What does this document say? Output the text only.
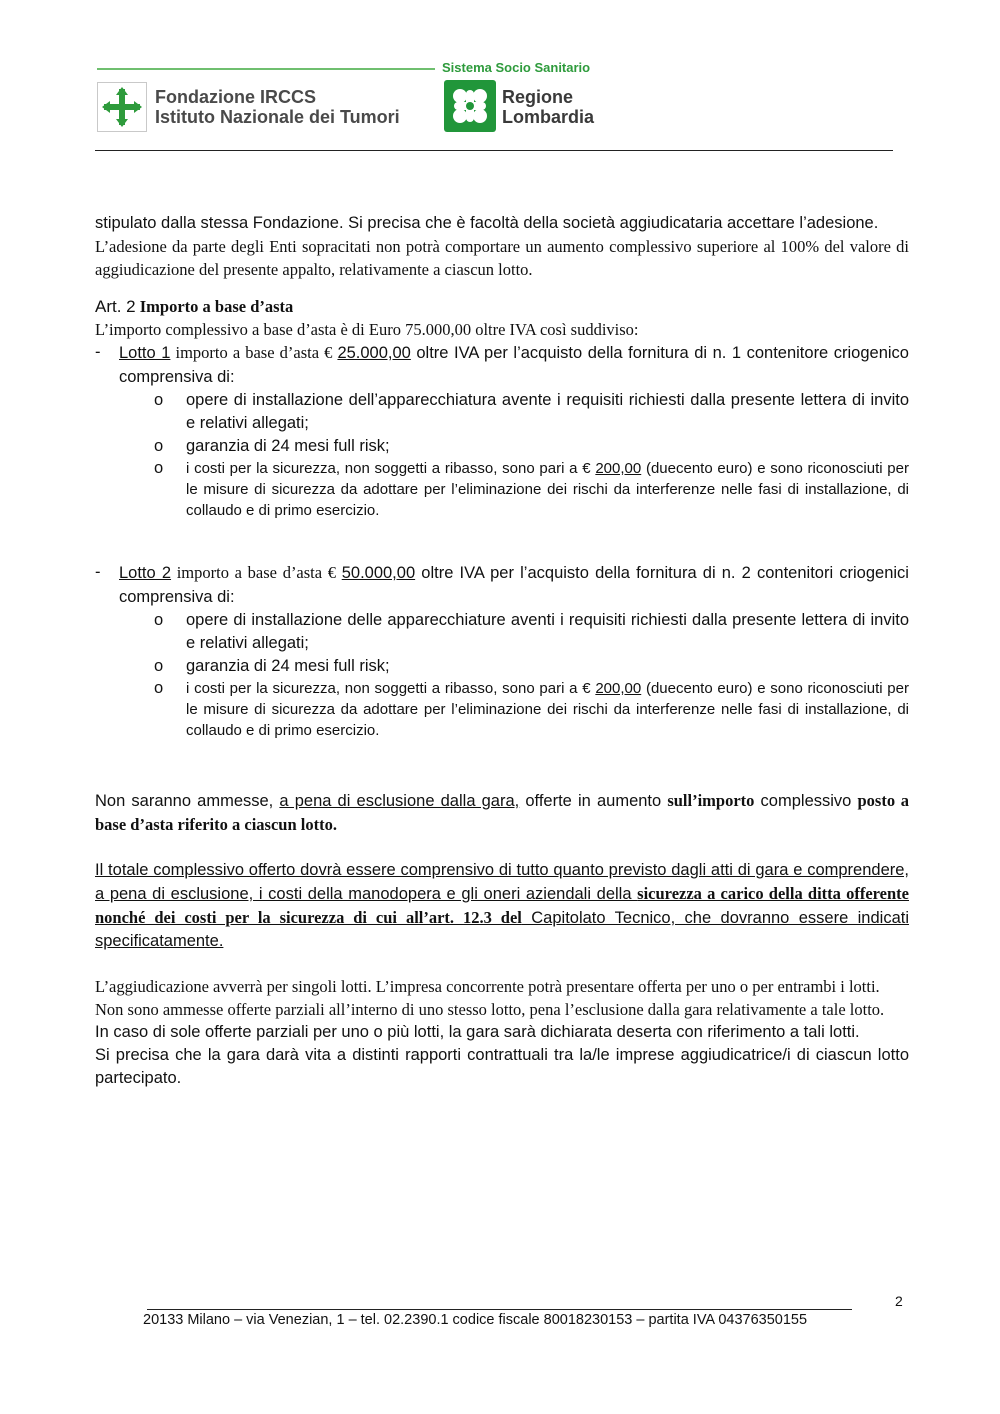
Sistema Socio Sanitario
Fondazione IRCCS
Istituto Nazionale dei Tumori
Regione
Lombardia

stipulato dalla stessa Fondazione. Si precisa che è facoltà della società aggiudicataria accettare l’adesione.

L’adesione da parte degli Enti sopracitati non potrà comportare un aumento complessivo superiore al 100% del valore di aggiudicazione del presente appalto, relativamente a ciascun lotto.

Art. 2 Importo a base d’asta

L’importo complessivo a base d’asta è di Euro 75.000,00 oltre IVA così suddiviso:

-	Lotto 1 importo a base d’asta € 25.000,00 oltre IVA per l’acquisto della fornitura di n. 1 contenitore criogenico comprensiva di:
o opere di installazione dell’apparecchiatura avente i requisiti richiesti dalla presente lettera di invito e relativi allegati;
o garanzia di 24 mesi full risk;
o i costi per la sicurezza, non soggetti a ribasso, sono pari a € 200,00 (duecento euro) e sono riconosciuti per le misure di sicurezza da adottare per l’eliminazione dei rischi da interferenze nelle fasi di installazione, di collaudo e di primo esercizio.
-	Lotto 2 importo a base d’asta € 50.000,00 oltre IVA per l’acquisto della fornitura di n. 2 contenitori criogenici comprensiva di:
o opere di installazione delle apparecchiature aventi i requisiti richiesti dalla presente lettera di invito e relativi allegati;
o garanzia di 24 mesi full risk;
o i costi per la sicurezza, non soggetti a ribasso, sono pari a € 200,00 (duecento euro) e sono riconosciuti per le misure di sicurezza da adottare per l’eliminazione dei rischi da interferenze nelle fasi di installazione, di collaudo e di primo esercizio.

Non saranno ammesse, a pena di esclusione dalla gara, offerte in aumento sull’importo complessivo posto a base d’asta riferito a ciascun lotto.

Il totale complessivo offerto dovrà essere comprensivo di tutto quanto previsto dagli atti di gara e comprendere, a pena di esclusione, i costi della manodopera e gli oneri aziendali della sicurezza a carico della ditta offerente nonché dei costi per la sicurezza di cui all’art. 12.3 del Capitolato Tecnico, che dovranno essere indicati specificatamente.

L’aggiudicazione avverrà per singoli lotti. L’impresa concorrente potrà presentare offerta per uno o per entrambi i lotti.

Non sono ammesse offerte parziali all’interno di uno stesso lotto, pena l’esclusione dalla gara relativamente a tale lotto.

In caso di sole offerte parziali per uno o più lotti, la gara sarà dichiarata deserta con riferimento a tali lotti.

Si precisa che la gara darà vita a distinti rapporti contrattuali tra la/le imprese aggiudicatrice/i di ciascun lotto partecipato.

2
20133 Milano – via Venezian, 1 – tel. 02.2390.1 codice fiscale 80018230153 – partita IVA 04376350155
